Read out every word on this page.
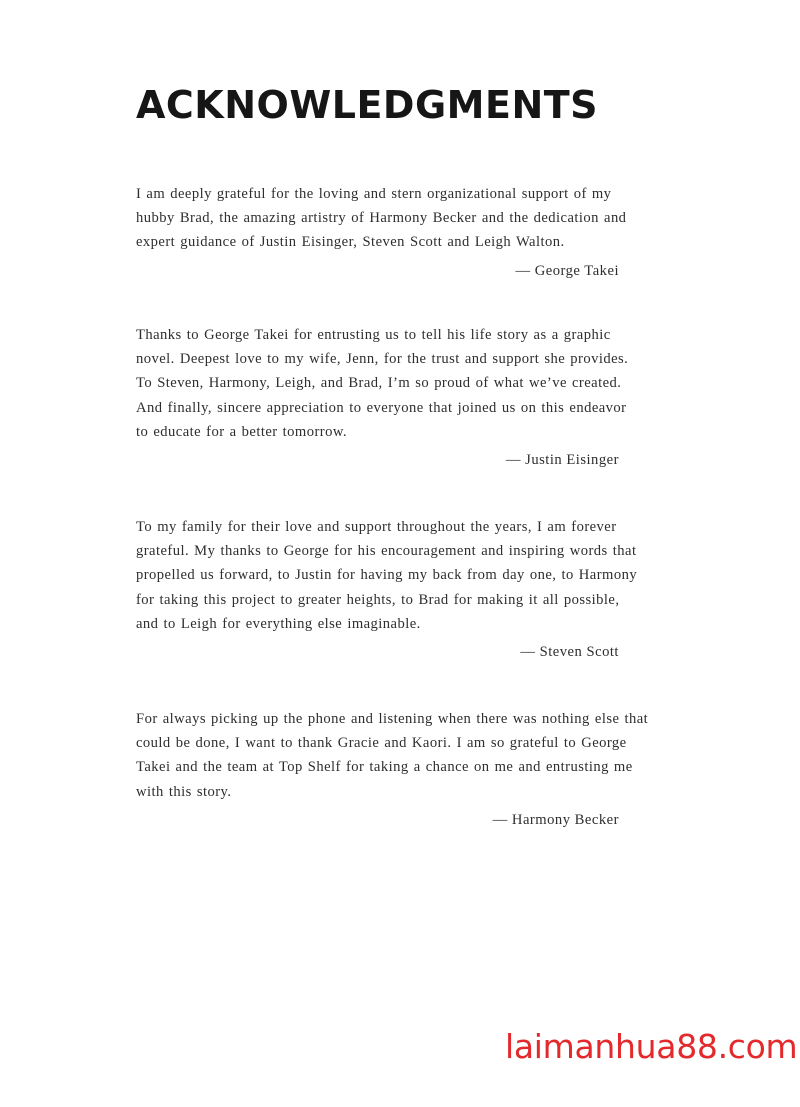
ACKNOWLEDGMENTS

I am deeply grateful for the loving and stern organizational support of my
hubby Brad, the amazing artistry of Harmony Becker and the dedication and
expert guidance of Justin Eisinger, Steven Scott and Leigh Walton.

— George Takei

Thanks to George Takei for entrusting us to tell his life story as a graphic
novel. Deepest love to my wife, Jenn, for the trust and support she provides.
To Steven, Harmony, Leigh, and Brad, I’m so proud of what we’ve created.
And finally, sincere appreciation to everyone that joined us on this endeavor
to educate for a better tomorrow.

— Justin Eisinger

To my family for their love and support throughout the years, I am forever
grateful. My thanks to George for his encouragement and inspiring words that
propelled us forward, to Justin for having my back from day one, to Harmony
for taking this project to greater heights, to Brad for making it all possible,
and to Leigh for everything else imaginable.

— Steven Scott

For always picking up the phone and listening when there was nothing else that
could be done, I want to thank Gracie and Kaori. I am so grateful to George
Takei and the team at Top Shelf for taking a chance on me and entrusting me
with this story.

— Harmony Becker

laimanhua88.com
